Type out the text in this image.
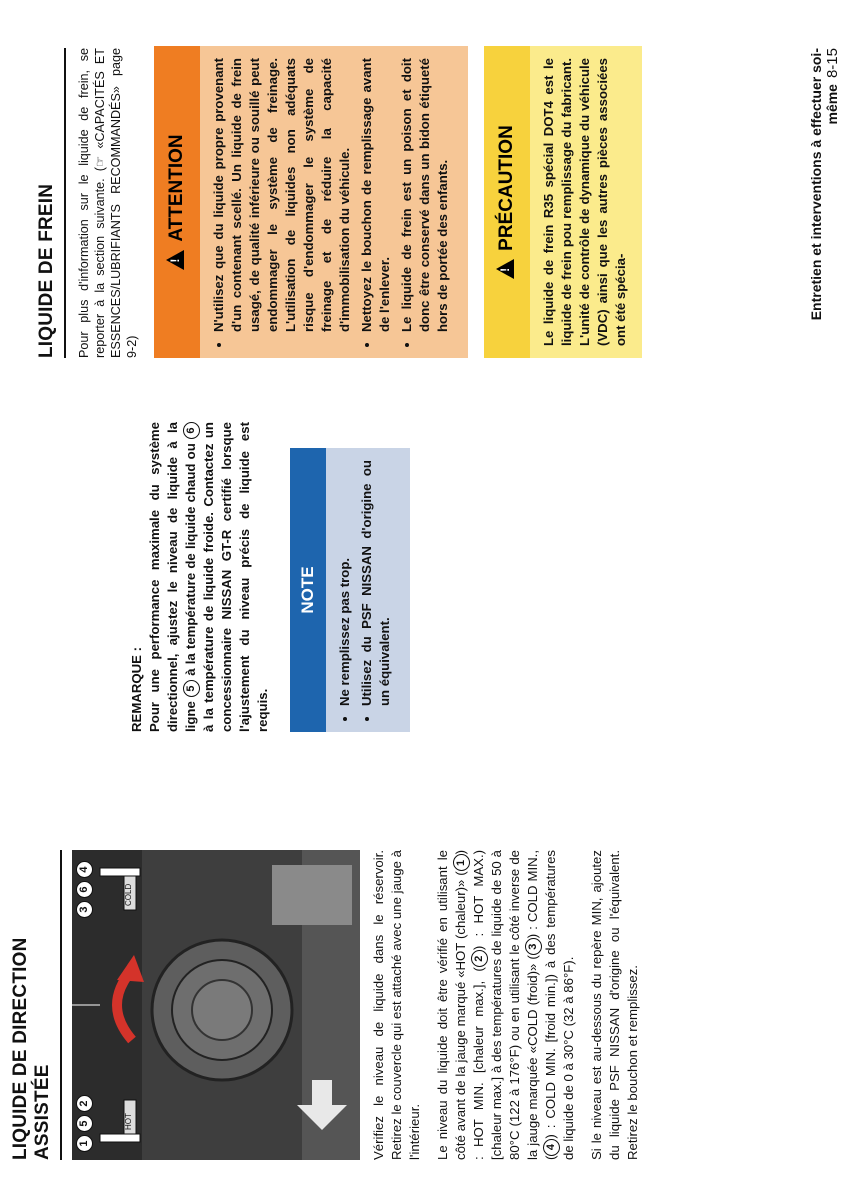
LIQUIDE DE DIRECTION ASSISTÉE	1
5
2
HOT
3
6
4
COLD	Vérifiez le niveau de liquide dans le réservoir. Retirez le couvercle qui est attaché avec une jauge à l'intérieur. Le niveau du liquide doit être vérifié en utilisant le côté avant de la jauge marqué «HOT (chaleur)» (1) : HOT MIN. [chaleur max.], (2) : HOT MAX.) [chaleur max.] à des températures de liquide de 50 à 80°C (122 à 176°F) ou en utilisant le côté inverse de la jauge marquée «COLD (froid)» (3) : COLD MIN., (4) : COLD MIN. [froid min.]) à des températures de liquide de 0 à 30°C (32 à 86°F). Si le niveau est au-dessous du repère MIN, ajoutez du liquide PSF NISSAN d'origine ou l'équivalent. Retirez le bouchon et remplissez.

REMARQUE : Pour une performance maximale du système directionnel, ajustez le niveau de liquide à la ligne 5 à la température de liquide chaud ou 6 à la température de liquide froide. Contactez un concessionnaire NISSAN GT-R certifié lorsque l'ajustement du niveau précis de liquide est requis.

NOTE	• Ne remplissez pas trop. • Utilisez du PSF NISSAN d'origine ou un équivalent.
LIQUIDE DE FREIN	Pour plus d'information sur le liquide de frein, se reporter à la section suivante. (☞ «CAPACITÉS ET ESSENCES/LUBRIFIANTS RECOMMANDÉS» page 9-2)

!ATTENTION	• N'utilisez que du liquide propre provenant d'un contenant scellé. Un liquide de frein usagé, de qualité inférieure ou souillé peut endommager le système de freinage. L'utilisation de liquides non adéquats risque d'endommager le système de freinage et de réduire la capacité d'immobilisation du véhicule. • Nettoyez le bouchon de remplissage avant de l'enlever. • Le liquide de frein est un poison et doit donc être conservé dans un bidon étiqueté hors de portée des enfants.
!	PRÉCAUTION	Le liquide de frein R35 spécial DOT4 est le liquide de frein pou remplissage du fabricant. L'unité de contrôle de dynamique du véhicule (VDC) ainsi que les autres pièces associées ont été spécia-	Entretien et interventions à effectuer soi-même8-15
